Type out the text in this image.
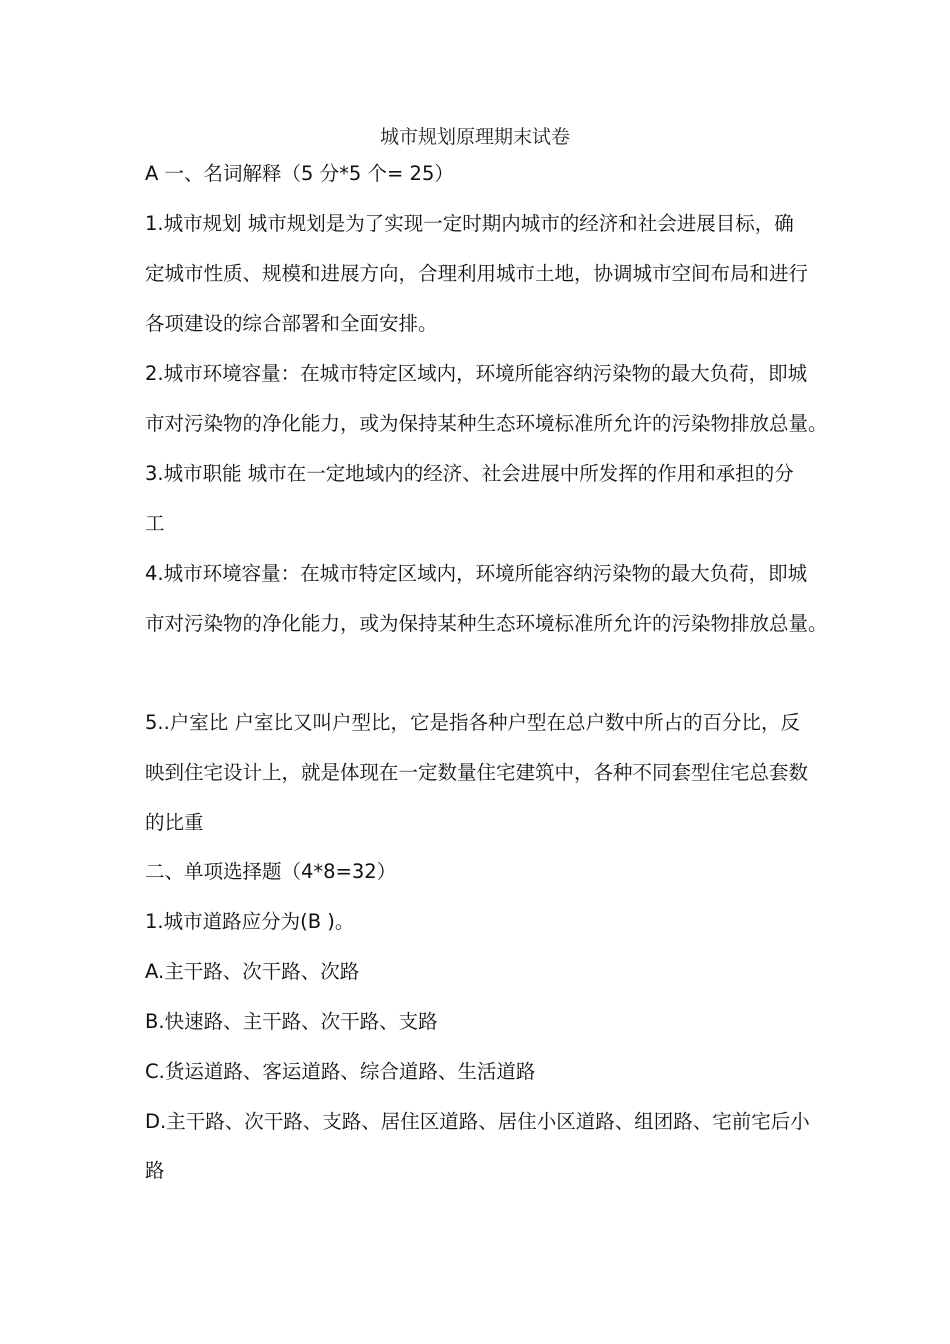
城市规划原理期末试卷
A 一、名词解释（5 分*5 个= 25）
1.城市规划 城市规划是为了实现一定时期内城市的经济和社会进展目标，确
定城市性质、规模和进展方向，合理利用城市土地，协调城市空间布局和进行
各项建设的综合部署和全面安排。
2.城市环境容量：在城市特定区域内，环境所能容纳污染物的最大负荷，即城
市对污染物的净化能力，或为保持某种生态环境标准所允许的污染物排放总量。
3.城市职能 城市在一定地域内的经济、社会进展中所发挥的作用和承担的分
工
4.城市环境容量：在城市特定区域内，环境所能容纳污染物的最大负荷，即城
市对污染物的净化能力，或为保持某种生态环境标准所允许的污染物排放总量。
5..户室比 户室比又叫户型比，它是指各种户型在总户数中所占的百分比，反
映到住宅设计上，就是体现在一定数量住宅建筑中，各种不同套型住宅总套数
的比重
二、单项选择题（4*8=32）
1.城市道路应分为(B )。
A.主干路、次干路、次路
B.快速路、主干路、次干路、支路
C.货运道路、客运道路、综合道路、生活道路
D.主干路、次干路、支路、居住区道路、居住小区道路、组团路、宅前宅后小
路
